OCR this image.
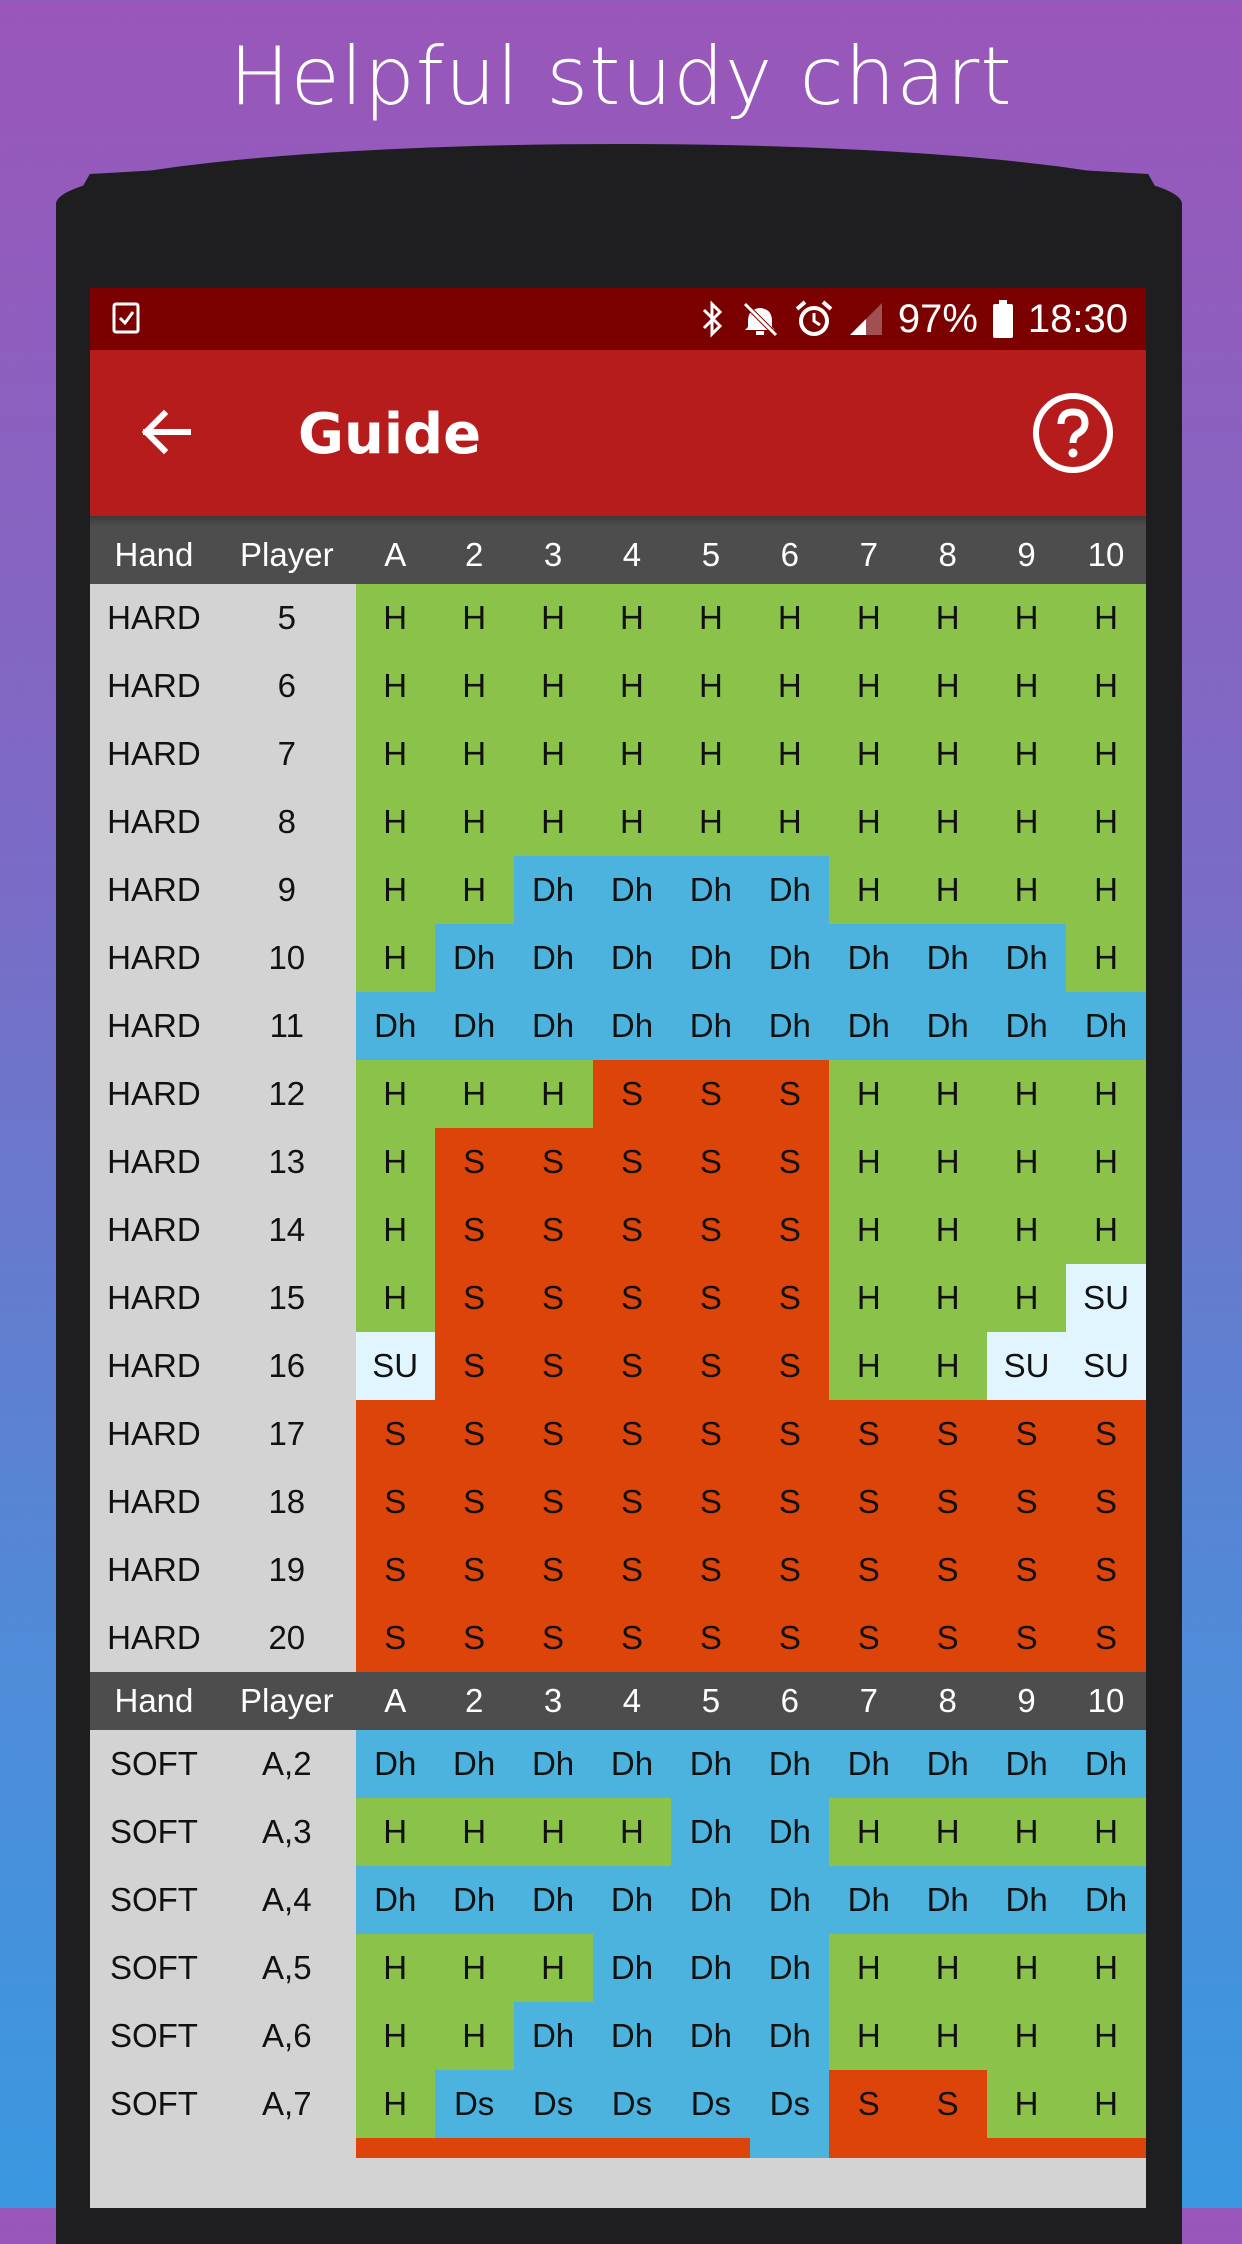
Helpful study chart
97% 18:30
Guide
Hand	Player	A	2	3	4	5	6	7	8	9	10
HARD	5	H	H	H	H	H	H	H	H	H	H
HARD	6	H	H	H	H	H	H	H	H	H	H
HARD	7	H	H	H	H	H	H	H	H	H	H
HARD	8	H	H	H	H	H	H	H	H	H	H
HARD	9	H	H	Dh	Dh	Dh	Dh	H	H	H	H
HARD	10	H	Dh	Dh	Dh	Dh	Dh	Dh	Dh	Dh	H
HARD	11	Dh	Dh	Dh	Dh	Dh	Dh	Dh	Dh	Dh	Dh
HARD	12	H	H	H	S	S	S	H	H	H	H
HARD	13	H	S	S	S	S	S	H	H	H	H
HARD	14	H	S	S	S	S	S	H	H	H	H
HARD	15	H	S	S	S	S	S	H	H	H	SU
HARD	16	SU	S	S	S	S	S	H	H	SU	SU
HARD	17	S	S	S	S	S	S	S	S	S	S
HARD	18	S	S	S	S	S	S	S	S	S	S
HARD	19	S	S	S	S	S	S	S	S	S	S
HARD	20	S	S	S	S	S	S	S	S	S	S
Hand	Player	A	2	3	4	5	6	7	8	9	10
SOFT	A,2	Dh	Dh	Dh	Dh	Dh	Dh	Dh	Dh	Dh	Dh
SOFT	A,3	H	H	H	H	Dh	Dh	H	H	H	H
SOFT	A,4	Dh	Dh	Dh	Dh	Dh	Dh	Dh	Dh	Dh	Dh
SOFT	A,5	H	H	H	Dh	Dh	Dh	H	H	H	H
SOFT	A,6	H	H	Dh	Dh	Dh	Dh	H	H	H	H
SOFT	A,7	H	Ds	Ds	Ds	Ds	Ds	S	S	H	H
